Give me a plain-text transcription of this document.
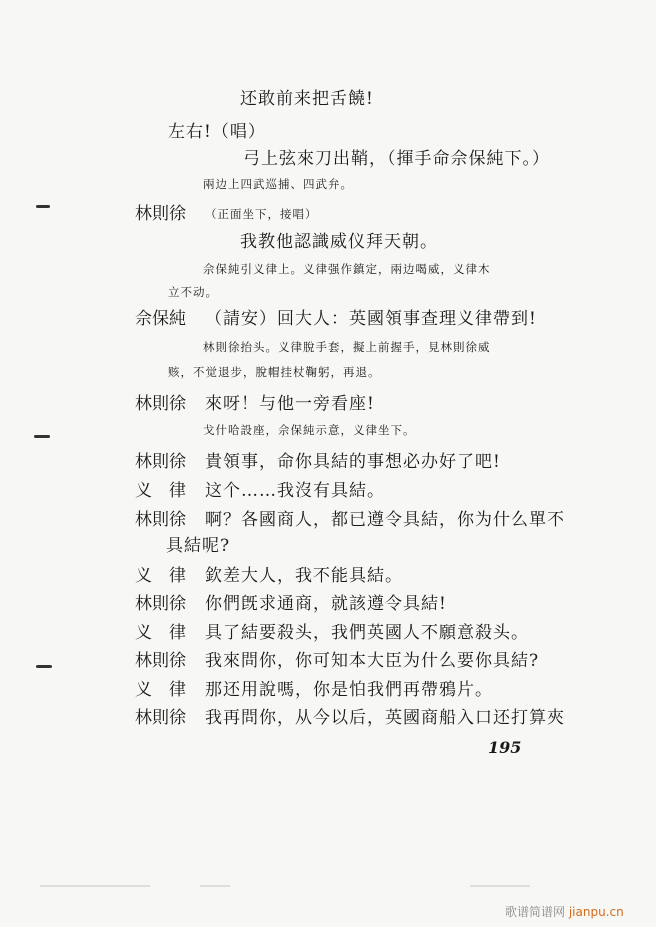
还敢前来把舌饒!
左右!（唱）
弓上弦來刀出鞘，（揮手命佘保純下。）
兩边上四武巡捕、四武弁。
林則徐 （正面坐下，接唱）
我教他認識威仪拜天朝。
佘保純引义律上。义律强作鎮定，兩边喝威，义律木
立不动。
佘保純 （請安）回大人：英國領事查理义律帶到!
林則徐抬头。义律脫手套，擬上前握手，見林則徐威
赅，不觉退步，脫帽挂杖鞠躬，再退。
林則徐 來呀！与他一旁看座!
戈什哈設座，佘保純示意，义律坐下。
林則徐 貴領事，命你具結的事想必办好了吧!
义　律 这个……我沒有具結。
林則徐 啊？各國商人，都已遵令具結，你为什么單不
具結呢?
义　律 欽差大人，我不能具結。
林則徐 你們旣求通商，就該遵令具結!
义　律 具了結要殺头，我們英國人不願意殺头。
林則徐 我來問你，你可知本大臣为什么要你具結?
义　律 那还用說嗎，你是怕我們再帶鴉片。
林則徐 我再問你，从今以后，英國商船入口还打算夾
195
歌谱简谱网 jianpu.cn
